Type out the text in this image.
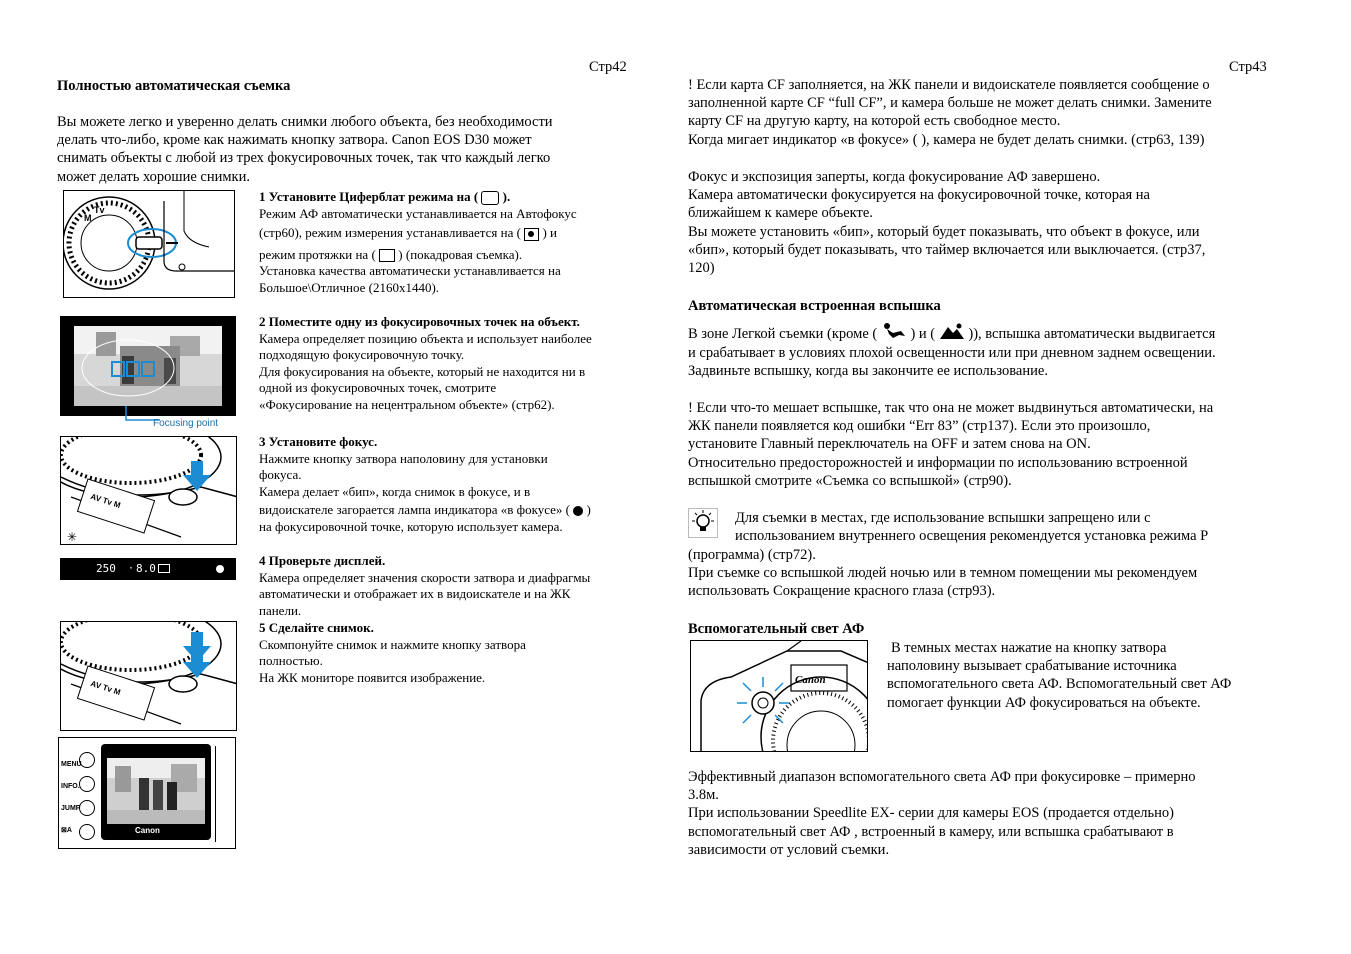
Стр42
Полностью автоматическая съемка
Вы можете легко и уверенно делать снимки любого объекта, без необходимости
делать что-либо, кроме как нажимать кнопку затвора. Canon EOS D30 может
снимать объекты с любой из трех фокусировочных точек, так что каждый легко
может делать хорошие снимки.
M
Tv
1 Установите Циферблат режима на ( ).
Режим АФ автоматически устанавливается на Автофокус
(стр60), режим измерения устанавливается на ( ) и
режим протяжки на ( ) (покадровая съемка).
Установка качества автоматически устанавливается на
Большое\Отличное (2160x1440).
Focusing point
2 Поместите одну из фокусировочных точек на объект.
Камера определяет позицию объекта и использует наиболее
подходящую фокусировочную точку.
Для фокусирования на объекте, который не находится ни в
одной из фокусировочных точек, смотрите
«Фокусирование на нецентральном объекте» (стр62).
AV Tv M
✳
3 Установите фокус.
Нажмите кнопку затвора наполовину для установки
фокуса.
Камера делает «бип», когда снимок в фокусе, и в
видоискателе загорается лампа индикатора «в фокусе» ( )
на фокусировочной точке, которую использует камера.
250 · 8.0
4 Проверьте дисплей.
Камера определяет значения скорости затвора и диафрагмы
автоматически и отображает их в видоискателе и на ЖК
панели.
AV Tv M
5 Сделайте снимок.
Скомпонуйте снимок и нажмите кнопку затвора
полностью.
На ЖК мониторе появится изображение.
MENU
INFO.
JUMP
⊠A	Canon
Стр43
! Если карта CF заполняется, на ЖК панели и видоискателе появляется сообщение о
заполненной карте CF “full CF”, и камера больше не может делать снимки. Замените
карту CF на другую карту, на которой есть свободное место.
Когда мигает индикатор «в фокусе» ( ), камера не будет делать снимки. (стр63, 139)
Фокус и экспозиция заперты, когда фокусирование АФ завершено.
Камера автоматически фокусируется на фокусировочной точке, которая на
ближайшем к камере объекте.
Вы можете установить «бип», который будет показывать, что объект в фокусе, или
«бип», который будет показывать, что таймер включается или выключается. (стр37,
120)
Автоматическая встроенная вспышка
В зоне Легкой съемки (кроме ( ) и ( )), вспышка автоматически выдвигается
и срабатывает в условиях плохой освещенности или при дневном заднем освещении.
Задвиньте вспышку, когда вы закончите ее использование.
! Если что-то мешает вспышке, так что она не может выдвинуться автоматически, на
ЖК панели появляется код ошибки “Err 83” (стр137). Если это произошло,
установите Главный переключатель на OFF и затем снова на ON.
Относительно предосторожностей и информации по использованию встроенной
вспышкой смотрите «Съемка со вспышкой» (стр90).
Для съемки в местах, где использование вспышки запрещено или с
использованием внутреннего освещения рекомендуется установка режима P
(программа) (стр72).
При съемке со вспышкой людей ночью или в темном помещении мы рекомендуем
использовать Сокращение красного глаза (стр93).
Вспомогательный свет АФ
Canon
В темных местах нажатие на кнопку затвора
наполовину вызывает срабатывание источника
вспомогательного света АФ. Вспомогательный свет АФ
помогает функции АФ фокусироваться на объекте.
Эффективный диапазон вспомогательного света АФ при фокусировке – примерно
3.8м.
При использовании Speedlite EX- серии для камеры EOS (продается отдельно)
вспомогательный свет АФ , встроенный в камеру, или вспышка срабатывают в
зависимости от условий съемки.
